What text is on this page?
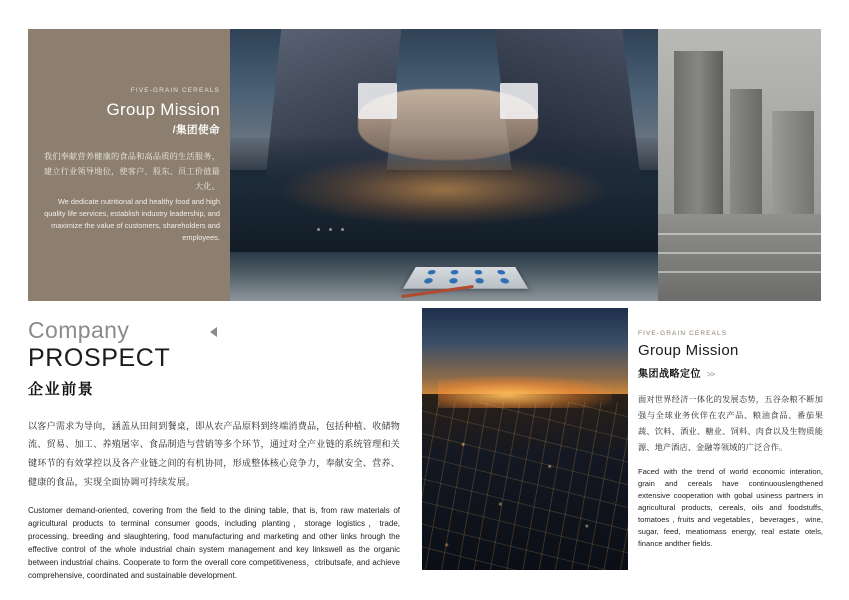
FIVE-GRAIN CEREALS
Group Mission
/集团使命
我们奉献营养健康的食品和高品质的生活服务，建立行业领导地位，使客户、股东、员工价值最大化。
We dedicate nutritional and healthy food and high quality life services, establish industry leadership, and maximize the value of customers, shareholders and employees.
Company
PROSPECT
企业前景

以客户需求为导向，涵盖从田间到餐桌，即从农产品原料到终端消费品，包括种植、收储物流、贸易、加工、养殖屠宰、食品制造与营销等多个环节，通过对全产业链的系统管理和关键环节的有效掌控以及各产业链之间的有机协同，形成整体核心竞争力，奉献安全、营养、健康的食品，实现全面协调可持续发展。

Customer demand-oriented, covering from the field to the dining table, that is, from raw materials of agricultural products to terminal consumer goods, including planting，storage logistics，trade, processing, breeding and slaughtering, food manufacturing and marketing and other links hrough the effective control of the whole industrial chain system management and key linkswell as the organic between industrial chains. Cooperate to form the overall core competitiveness，ctributsafe, and achieve comprehensive, coordinated and sustainable development.

FIVE-GRAIN CEREALS
Group Mission
集团战略定位 >>

面对世界经济一体化的发展态势，五谷杂粮不断加强与全球业务伙伴在农产品、粮油食品、番茄果蔬、饮料、酒业、糖业、饲料、肉食以及生物质能源、地产酒店、金融等领域的广泛合作。

Faced with the trend of world economic interation, grain and cereals have continuouslengthened extensive cooperation with gobal usiness partners in agricultural products, cereals, oils and foodstuffs, tomatoes , fruits and vegetables，beverages，wine, sugar, feed, meatiomass energy, real estate otels, finance andther fields.
